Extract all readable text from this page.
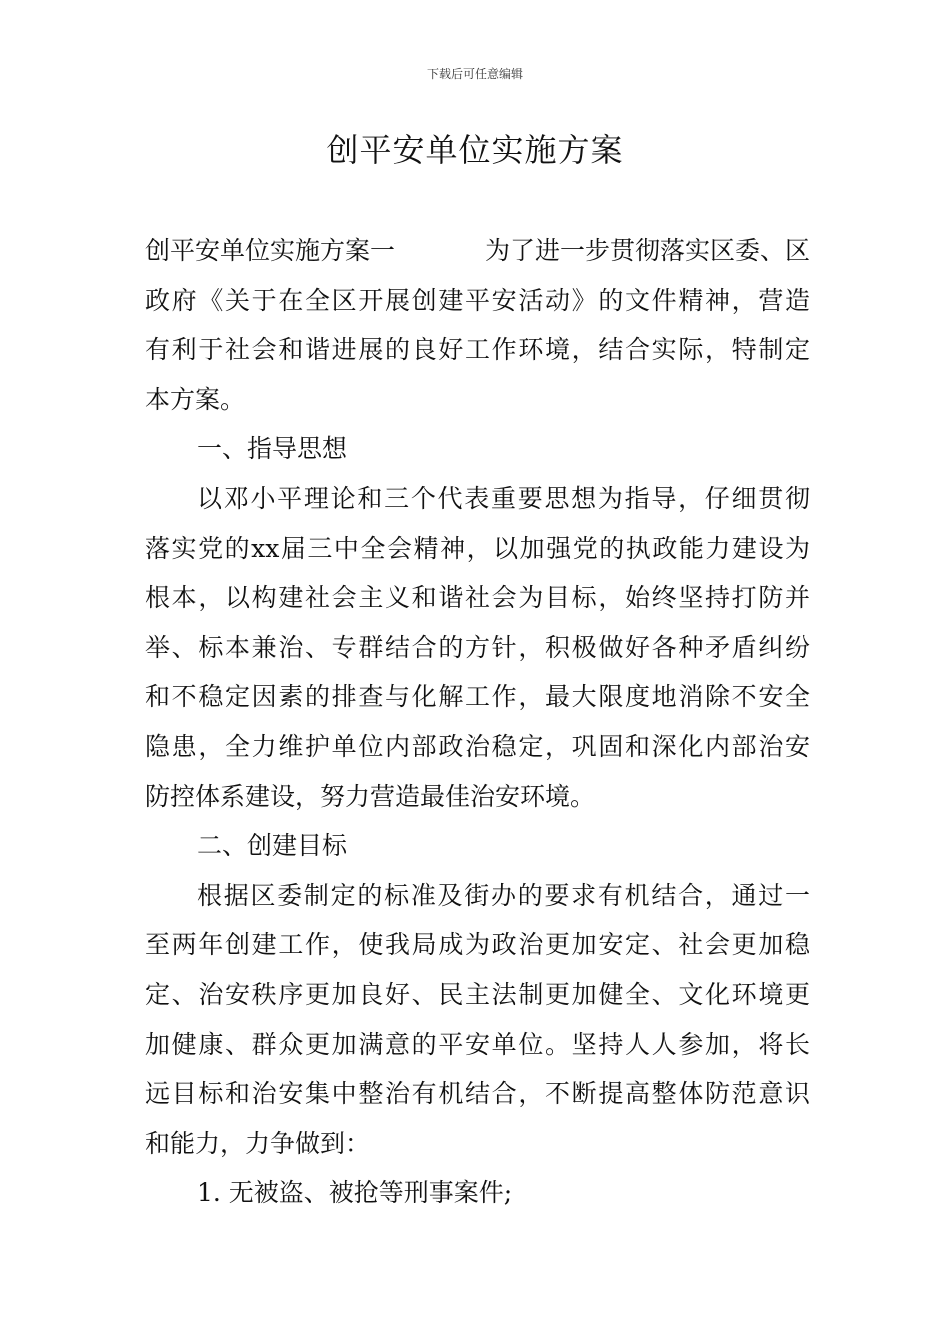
下载后可任意编辑
创平安单位实施方案
创平安单位实施方案一	为了进一步贯彻落实区委、区
政府《关于在全区开展创建平安活动》的文件精神，营造
有利于社会和谐进展的良好工作环境，结合实际，特制定
本方案。
一、指导思想
以邓小平理论和三个代表重要思想为指导，仔细贯彻
落实党的xx届三中全会精神，以加强党的执政能力建设为
根本，以构建社会主义和谐社会为目标，始终坚持打防并
举、标本兼治、专群结合的方针，积极做好各种矛盾纠纷
和不稳定因素的排查与化解工作，最大限度地消除不安全
隐患，全力维护单位内部政治稳定，巩固和深化内部治安
防控体系建设，努力营造最佳治安环境。
二、创建目标
根据区委制定的标准及街办的要求有机结合，通过一
至两年创建工作，使我局成为政治更加安定、社会更加稳
定、治安秩序更加良好、民主法制更加健全、文化环境更
加健康、群众更加满意的平安单位。坚持人人参加，将长
远目标和治安集中整治有机结合，不断提高整体防范意识
和能力，力争做到：
1. 无被盗、被抢等刑事案件;
